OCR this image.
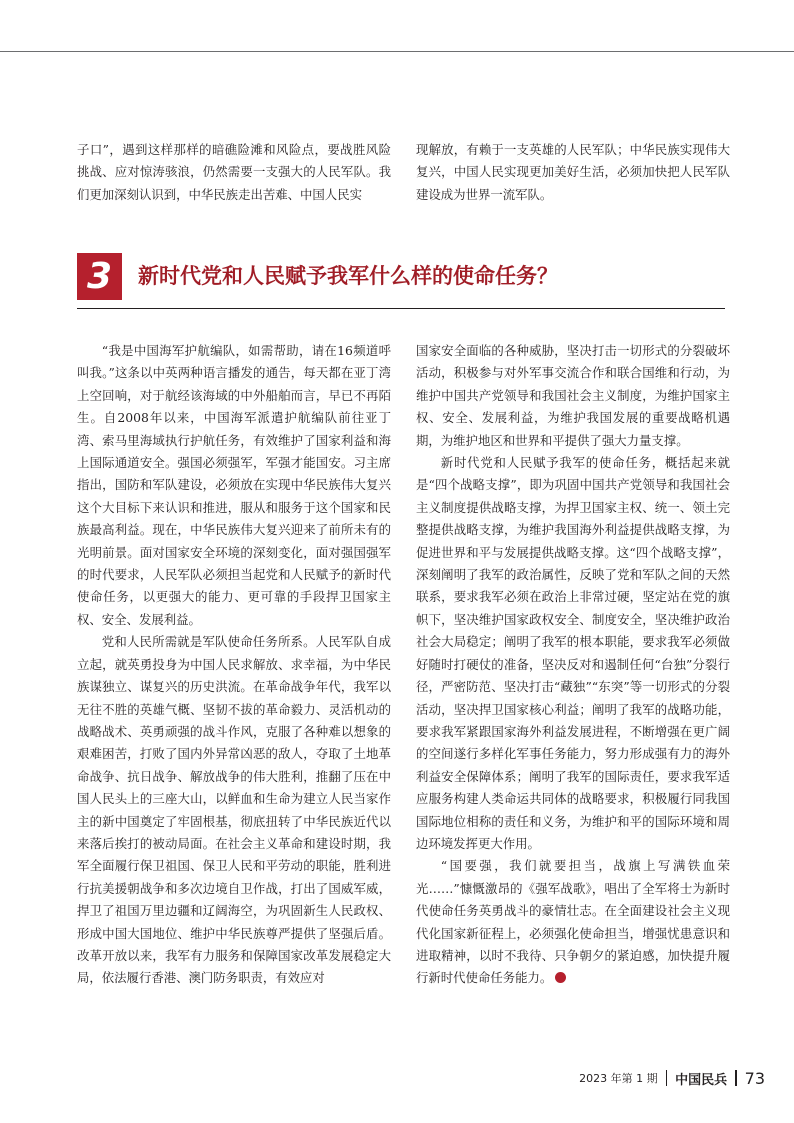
子口”，遇到这样那样的暗礁险滩和风险点，要战胜风险挑战、应对惊涛骇浪，仍然需要一支强大的人民军队。我们更加深刻认识到，中华民族走出苦难、中国人民实

现解放，有赖于一支英雄的人民军队；中华民族实现伟大复兴，中国人民实现更加美好生活，必须加快把人民军队建设成为世界一流军队。

3	新时代党和人民赋予我军什么样的使命任务？

“我是中国海军护航编队，如需帮助，请在16频道呼叫我。”这条以中英两种语言播发的通告，每天都在亚丁湾上空回响，对于航经该海域的中外船舶而言，早已不再陌生。自2008年以来，中国海军派遣护航编队前往亚丁湾、索马里海域执行护航任务，有效维护了国家利益和海上国际通道安全。强国必须强军，军强才能国安。习主席指出，国防和军队建设，必须放在实现中华民族伟大复兴这个大目标下来认识和推进，服从和服务于这个国家和民族最高利益。现在，中华民族伟大复兴迎来了前所未有的光明前景。面对国家安全环境的深刻变化，面对强国强军的时代要求，人民军队必须担当起党和人民赋予的新时代使命任务，以更强大的能力、更可靠的手段捍卫国家主权、安全、发展利益。

党和人民所需就是军队使命任务所系。人民军队自成立起，就英勇投身为中国人民求解放、求幸福，为中华民族谋独立、谋复兴的历史洪流。在革命战争年代，我军以无往不胜的英雄气概、坚韧不拔的革命毅力、灵活机动的战略战术、英勇顽强的战斗作风，克服了各种难以想象的艰难困苦，打败了国内外异常凶恶的敌人，夺取了土地革命战争、抗日战争、解放战争的伟大胜利，推翻了压在中国人民头上的三座大山，以鲜血和生命为建立人民当家作主的新中国奠定了牢固根基，彻底扭转了中华民族近代以来落后挨打的被动局面。在社会主义革命和建设时期，我军全面履行保卫祖国、保卫人民和平劳动的职能，胜利进行抗美援朝战争和多次边境自卫作战，打出了国威军威，捍卫了祖国万里边疆和辽阔海空，为巩固新生人民政权、形成中国大国地位、维护中华民族尊严提供了坚强后盾。改革开放以来，我军有力服务和保障国家改革发展稳定大局，依法履行香港、澳门防务职责，有效应对

国家安全面临的各种威胁，坚决打击一切形式的分裂破坏活动，积极参与对外军事交流合作和联合国维和行动，为维护中国共产党领导和我国社会主义制度，为维护国家主权、安全、发展利益，为维护我国发展的重要战略机遇期，为维护地区和世界和平提供了强大力量支撑。

新时代党和人民赋予我军的使命任务，概括起来就是“四个战略支撑”，即为巩固中国共产党领导和我国社会主义制度提供战略支撑，为捍卫国家主权、统一、领土完整提供战略支撑，为维护我国海外利益提供战略支撑，为促进世界和平与发展提供战略支撑。这“四个战略支撑”，深刻阐明了我军的政治属性，反映了党和军队之间的天然联系，要求我军必须在政治上非常过硬，坚定站在党的旗帜下，坚决维护国家政权安全、制度安全，坚决维护政治社会大局稳定；阐明了我军的根本职能，要求我军必须做好随时打硬仗的准备，坚决反对和遏制任何“台独”分裂行径，严密防范、坚决打击“藏独”“东突”等一切形式的分裂活动，坚决捍卫国家核心利益；阐明了我军的战略功能，要求我军紧跟国家海外利益发展进程，不断增强在更广阔的空间遂行多样化军事任务能力，努力形成强有力的海外利益安全保障体系；阐明了我军的国际责任，要求我军适应服务构建人类命运共同体的战略要求，积极履行同我国国际地位相称的责任和义务，为维护和平的国际环境和周边环境发挥更大作用。

“国要强，我们就要担当，战旗上写满铁血荣光……”慷慨激昂的《强军战歌》，唱出了全军将士为新时代使命任务英勇战斗的豪情壮志。在全面建设社会主义现代化国家新征程上，必须强化使命担当，增强忧患意识和进取精神，以时不我待、只争朝夕的紧迫感，加快提升履行新时代使命任务能力。

2023 年第 1 期 中国民兵 73
